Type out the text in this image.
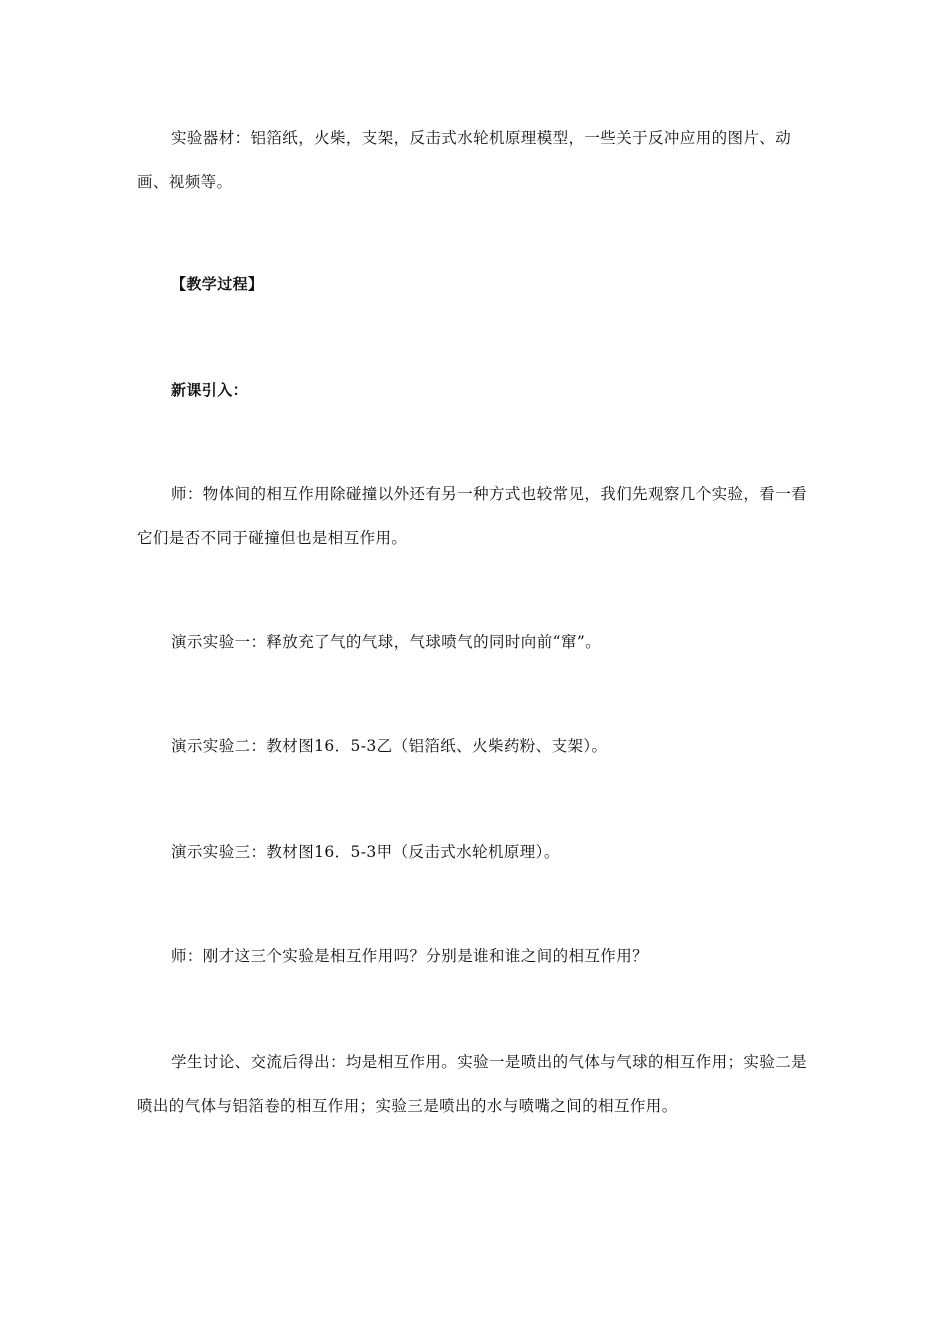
实验器材：铝箔纸，火柴，支架，反击式水轮机原理模型，一些关于反冲应用的图片、动画、视频等。

【教学过程】

新课引入：

师：物体间的相互作用除碰撞以外还有另一种方式也较常见，我们先观察几个实验，看一看它们是否不同于碰撞但也是相互作用。

演示实验一：释放充了气的气球，气球喷气的同时向前“窜”。

演示实验二：教材图16．5-3乙（铝箔纸、火柴药粉、支架）。

演示实验三：教材图16．5-3甲（反击式水轮机原理）。

师：刚才这三个实验是相互作用吗？分别是谁和谁之间的相互作用？

学生讨论、交流后得出：均是相互作用。实验一是喷出的气体与气球的相互作用；实验二是喷出的气体与铝箔卷的相互作用；实验三是喷出的水与喷嘴之间的相互作用。
